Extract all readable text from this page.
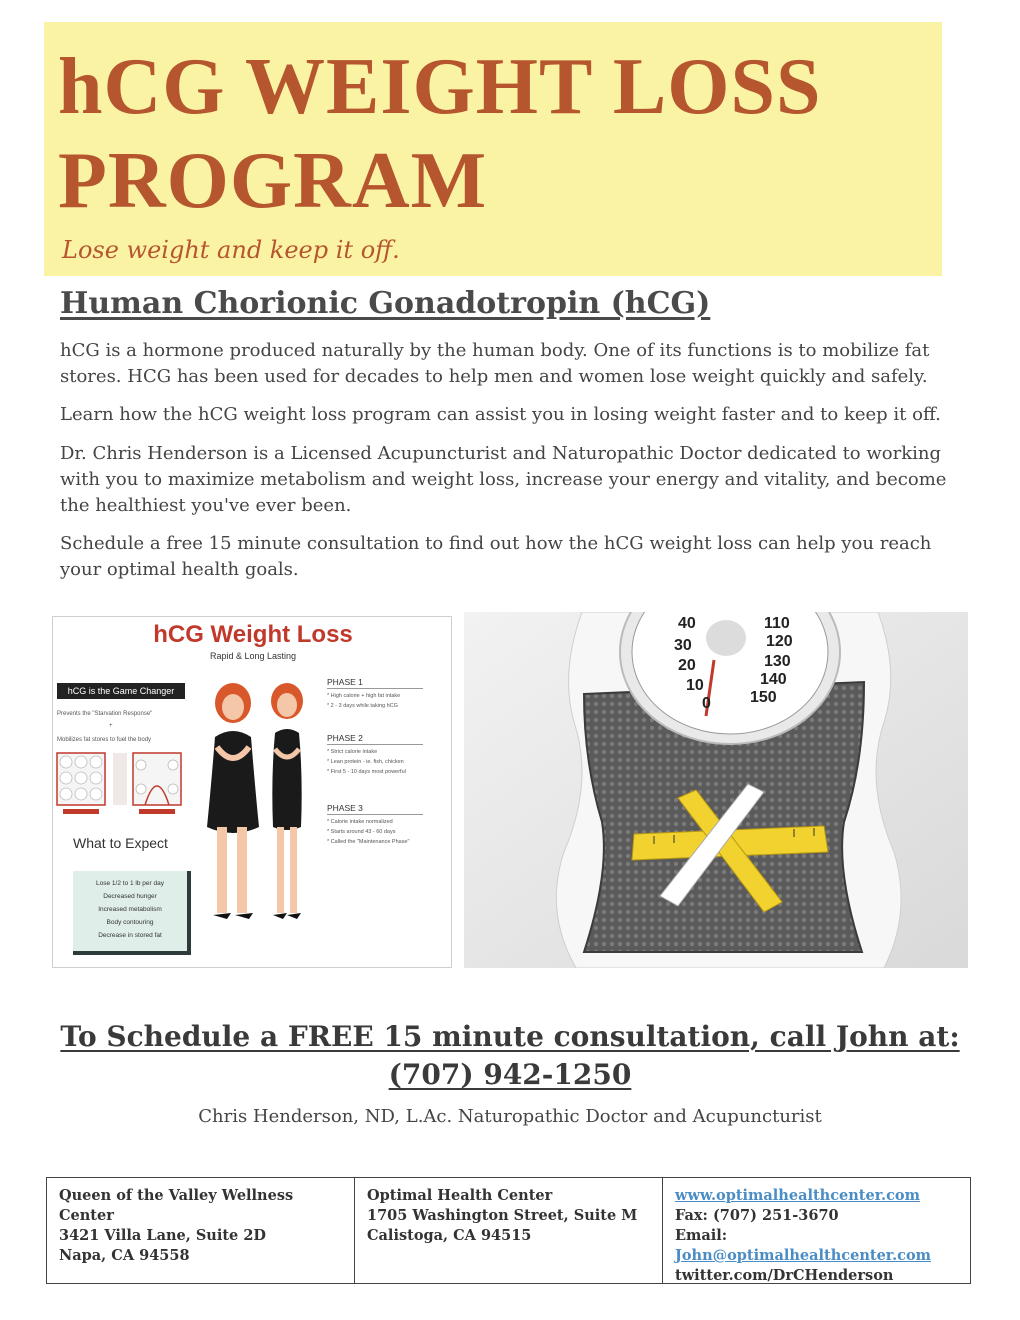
hCG WEIGHT LOSS
PROGRAM
Lose weight and keep it off.
Human Chorionic Gonadotropin (hCG)

hCG is a hormone produced naturally by the human body. One of its functions is to mobilize fat stores. HCG has been used for decades to help men and women lose weight quickly and safely.

Learn how the hCG weight loss program can assist you in losing weight faster and to keep it off.

Dr. Chris Henderson is a Licensed Acupuncturist and Naturopathic Doctor dedicated to working with you to maximize metabolism and weight loss, increase your energy and vitality, and become the healthiest you've ever been.

Schedule a free 15 minute consultation to find out how the hCG weight loss can help you reach your optimal health goals.

hCG Weight Loss
Rapid & Long Lasting
hCG is the Game Changer
Prevents the "Starvation Response"
+
Mobilizes fat stores to fuel the body
What to Expect
Lose 1/2 to 1 lb per day
Decreased hunger
Increased metabolism
Body contouring
Decrease in stored fat
PHASE 1
* High calorie + high fat intake
* 2 - 3 days while taking hCG
PHASE 2
* Strict calorie intake
* Lean protein - ie. fish, chicken
* First 5 - 10 days most powerful
PHASE 3
* Calorie intake normalized
* Starts around 43 - 60 days
* Called the "Maintenance Phase"
40
30
20
10
0
110
120
130
140
150
To Schedule a FREE 15 minute consultation, call John at:
(707) 942-1250
Chris Henderson, ND, L.Ac. Naturopathic Doctor and Acupuncturist
Queen of the Valley Wellness Center
3421 Villa Lane, Suite 2D
Napa, CA 94558
Optimal Health Center
1705 Washington Street, Suite M
Calistoga, CA 94515
www.optimalhealthcenter.com
Fax: (707) 251-3670
Email: John@optimalhealthcenter.com
twitter.com/DrCHenderson
